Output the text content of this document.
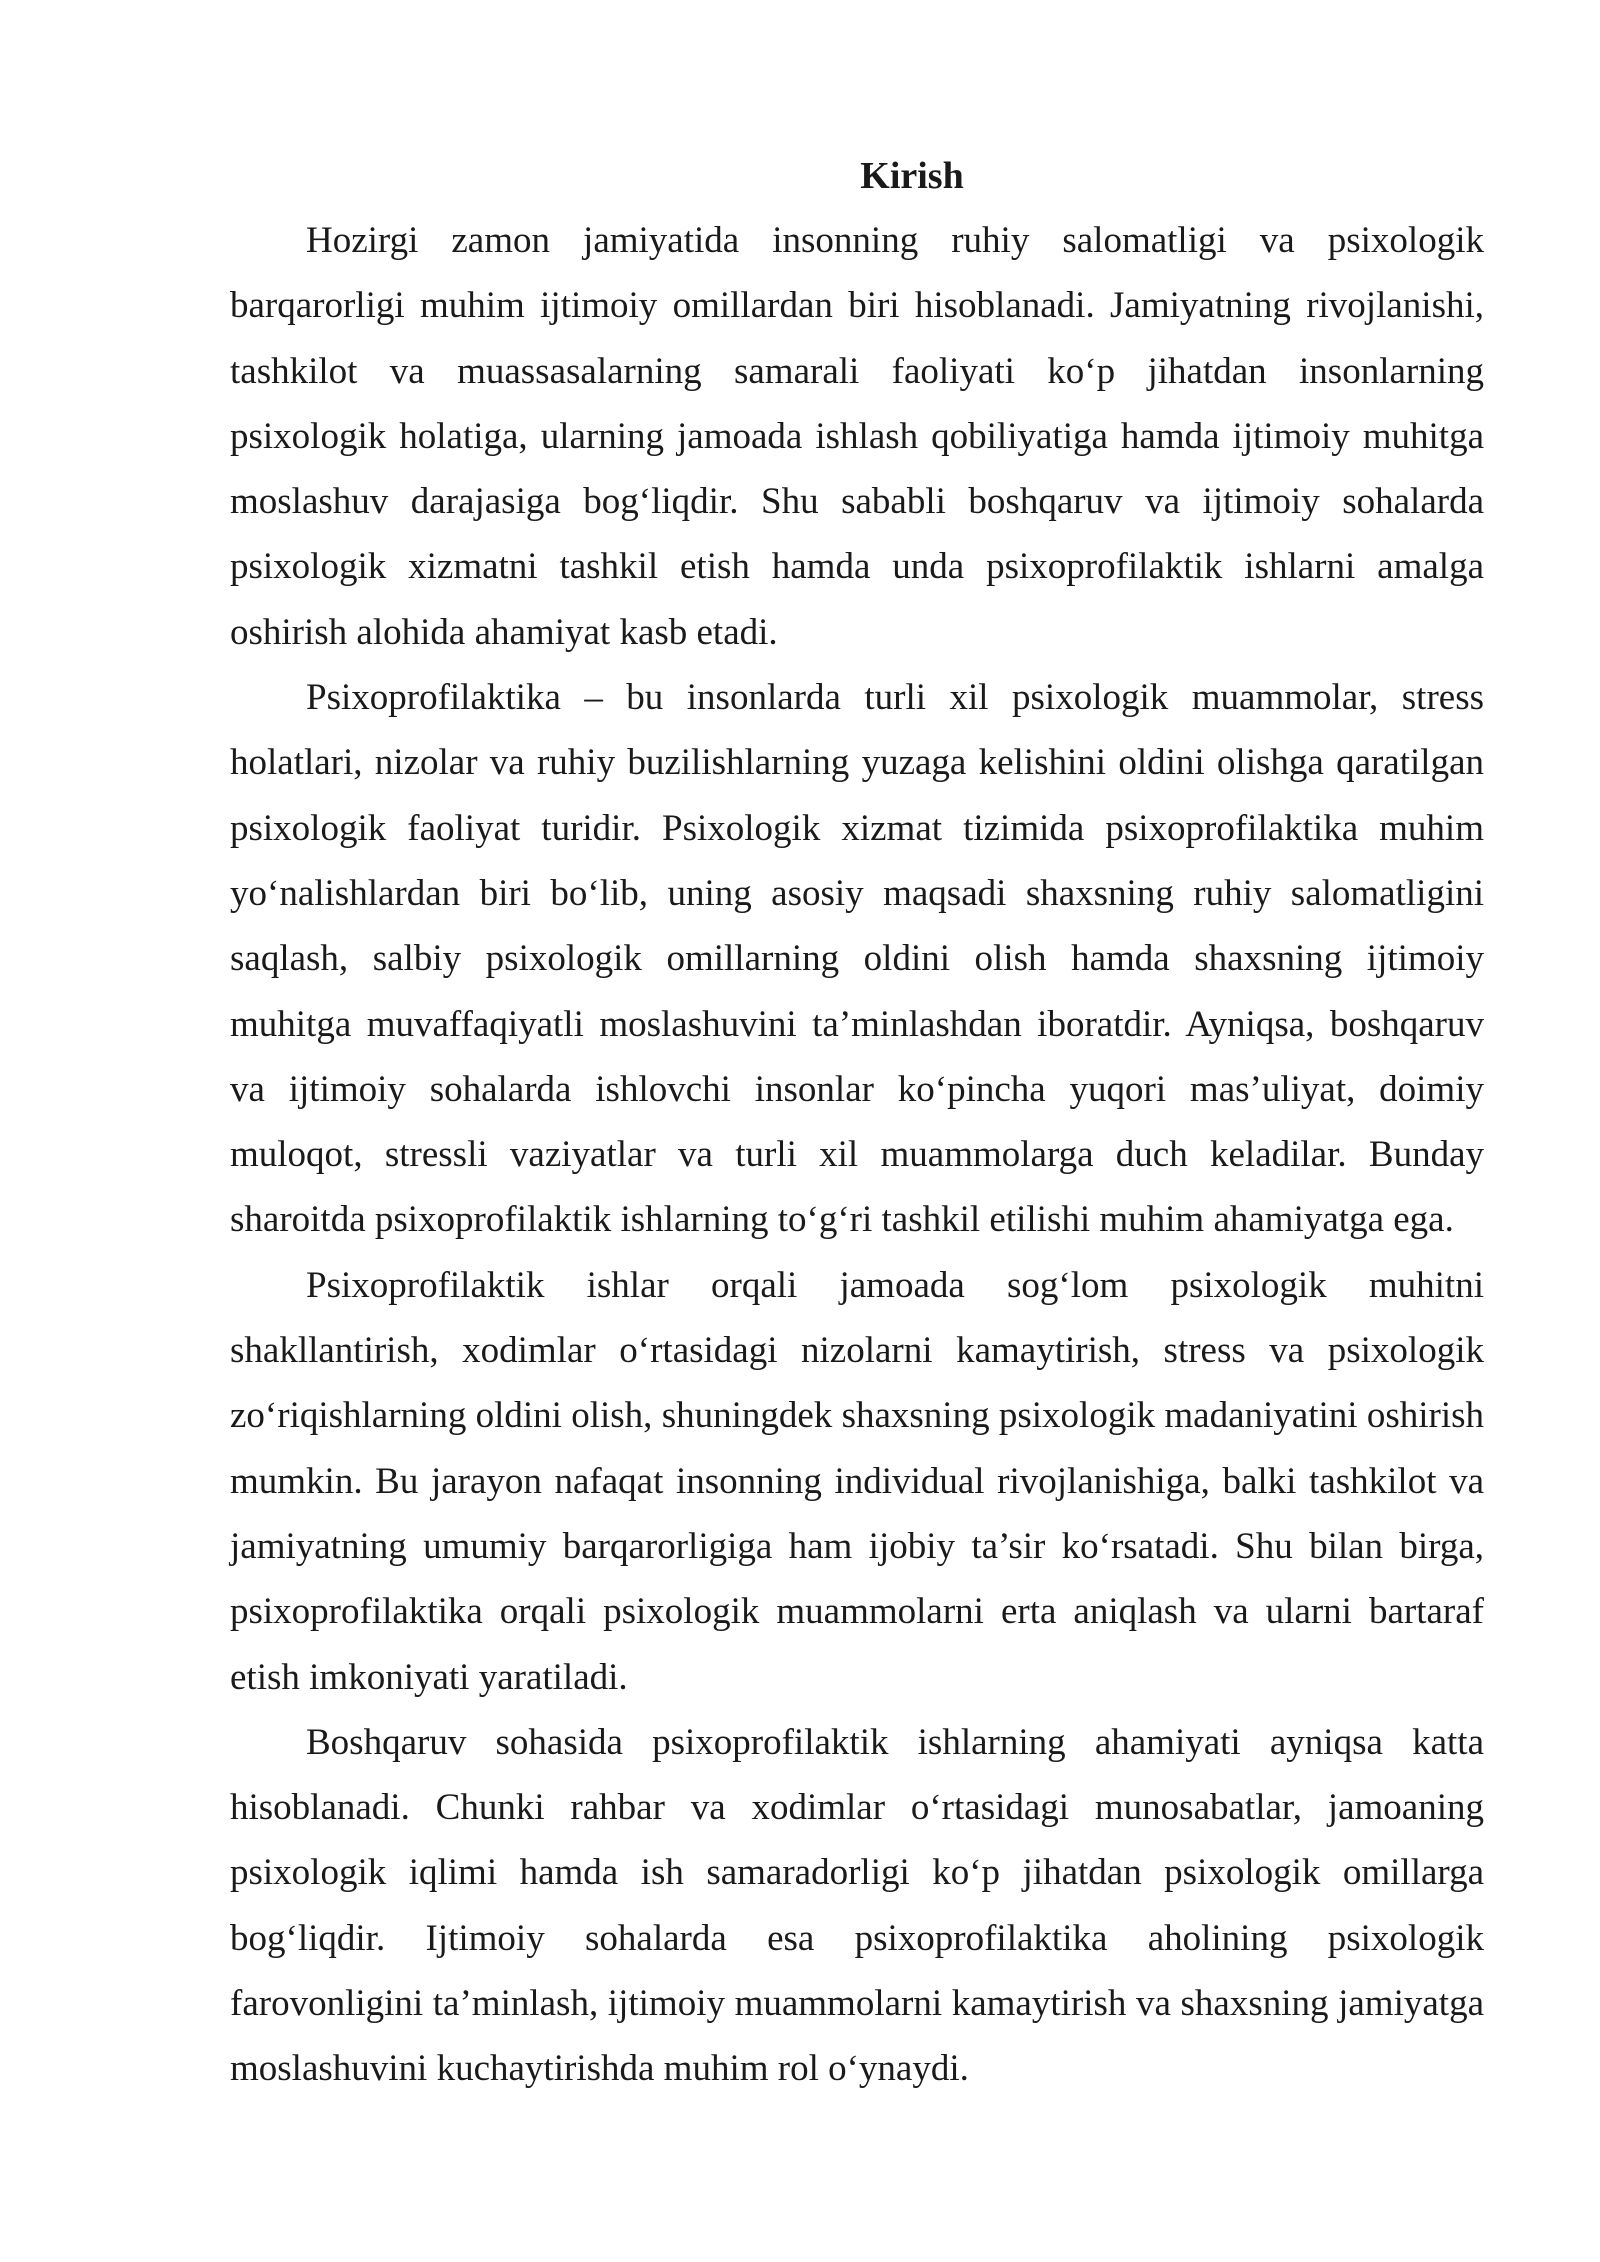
Kirish

Hozirgi zamon jamiyatida insonning ruhiy salomatligi va psixologik barqarorligi muhim ijtimoiy omillardan biri hisoblanadi. Jamiyatning rivojlanishi, tashkilot va muassasalarning samarali faoliyati ko‘p jihatdan insonlarning psixologik holatiga, ularning jamoada ishlash qobiliyatiga hamda ijtimoiy muhitga moslashuv darajasiga bog‘liqdir. Shu sababli boshqaruv va ijtimoiy sohalarda psixologik xizmatni tashkil etish hamda unda psixoprofilaktik ishlarni amalga oshirish alohida ahamiyat kasb etadi.

Psixoprofilaktika – bu insonlarda turli xil psixologik muammolar, stress holatlari, nizolar va ruhiy buzilishlarning yuzaga kelishini oldini olishga qaratilgan psixologik faoliyat turidir. Psixologik xizmat tizimida psixoprofilaktika muhim yo‘nalishlardan biri bo‘lib, uning asosiy maqsadi shaxsning ruhiy salomatligini saqlash, salbiy psixologik omillarning oldini olish hamda shaxsning ijtimoiy muhitga muvaffaqiyatli moslashuvini ta’minlashdan iboratdir. Ayniqsa, boshqaruv va ijtimoiy sohalarda ishlovchi insonlar ko‘pincha yuqori mas’uliyat, doimiy muloqot, stressli vaziyatlar va turli xil muammolarga duch keladilar. Bunday sharoitda psixoprofilaktik ishlarning to‘g‘ri tashkil etilishi muhim ahamiyatga ega.

Psixoprofilaktik ishlar orqali jamoada sog‘lom psixologik muhitni shakllantirish, xodimlar o‘rtasidagi nizolarni kamaytirish, stress va psixologik zo‘riqishlarning oldini olish, shuningdek shaxsning psixologik madaniyatini oshirish mumkin. Bu jarayon nafaqat insonning individual rivojlanishiga, balki tashkilot va jamiyatning umumiy barqarorligiga ham ijobiy ta’sir ko‘rsatadi. Shu bilan birga, psixoprofilaktika orqali psixologik muammolarni erta aniqlash va ularni bartaraf etish imkoniyati yaratiladi.

Boshqaruv sohasida psixoprofilaktik ishlarning ahamiyati ayniqsa katta hisoblanadi. Chunki rahbar va xodimlar o‘rtasidagi munosabatlar, jamoaning psixologik iqlimi hamda ish samaradorligi ko‘p jihatdan psixologik omillarga bog‘liqdir. Ijtimoiy sohalarda esa psixoprofilaktika aholining psixologik farovonligini ta’minlash, ijtimoiy muammolarni kamaytirish va shaxsning jamiyatga moslashuvini kuchaytirishda muhim rol o‘ynaydi.
